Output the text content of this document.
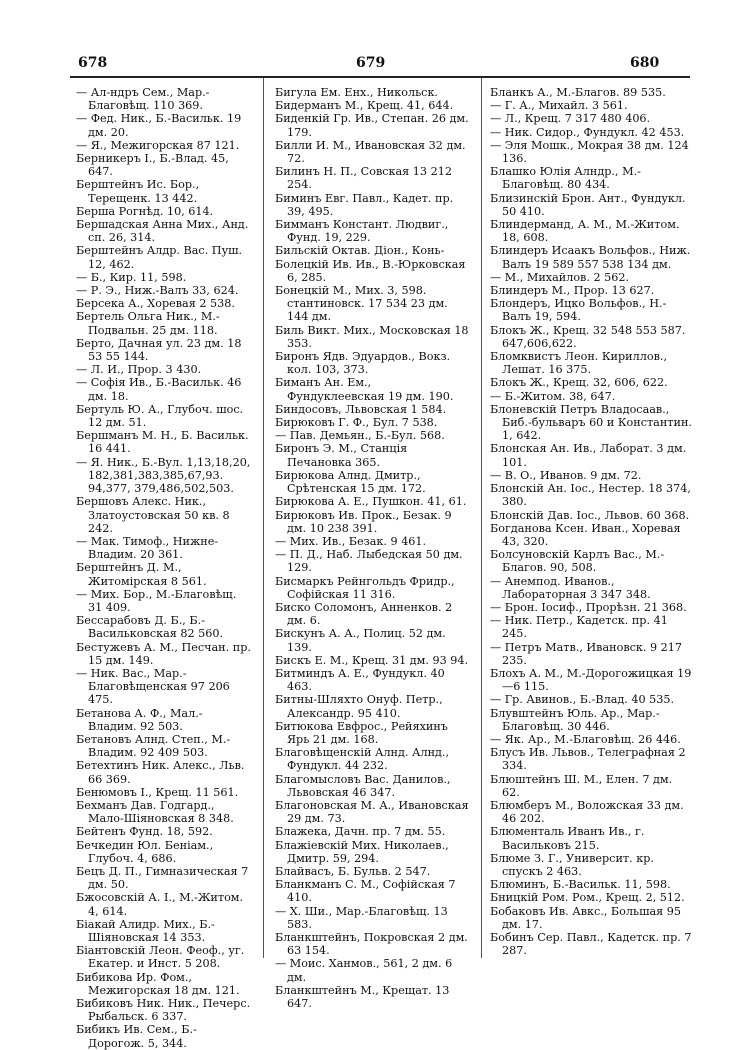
678	679	680

— Ал-ндръ Сем., Мар.-Благовѣщ. 110 369.

— Фед. Ник., Б.-Васильк. 19 дм. 20.

— Я., Межигорская 87 121.

Берникеръ I., Б.-Влад. 45, 647.

Берштейнъ Ис. Бор., Терещенк. 13 442.

Берша Рогнѣд. 10, 614.

Бершадская Анна Мих., Анд. сп. 26, 314.

Берштейнъ Алдр. Вас. Пуш. 12, 462.

— Б., Кир. 11, 598.

— Р. Э., Ниж.-Валъ 33, 624.

Берсека А., Хоревая 2 538.

Бертель Ольга Ник., М.-Подвальн. 25 дм. 118.

Берто, Дачная ул. 23 дм. 18 53 55 144.

— Л. И., Прор. 3 430.

— Софія Ив., Б.-Васильк. 46 дм. 18.

Бертуль Ю. А., Глубоч. шос. 12 дм. 51.

Бершманъ М. Н., Б. Васильк. 16 441.

— Я. Ник., Б.-Вул. 1,13,18,20, 182,381,383,385,67,93. 94,377, 379,486,502,503.

Бершовъ Алекс. Ник., Златоустовская 50 кв. 8 242.

— Мак. Тимоф., Нижне-Владим. 20 361.

Берштейнъ Д. М., Житомірская 8 561.

— Мих. Бор., М.-Благовѣщ. 31 409.

Бессарабовъ Д. Б., Б.-Васильковская 82 560.

Бестужевъ А. М., Песчан. пр. 15 дм. 149.

— Ник. Вас., Мар.-Благовѣщенская 97 206 475.

Бетанова А. Ф., Мал.-Владим. 92 503.

Бетановъ Алнд. Степ., М.-Владим. 92 409 503.

Бетехтинъ Ник. Алекс., Льв. 66 369.

Бенюмовъ I., Крещ. 11 561.

Бехманъ Дав. Годгард., Мало-Шіяновская 8 348.

Бейтенъ Фунд. 18, 592.

Бечкедин Юл. Беніам., Глубоч. 4, 686.

Бецъ Д. П., Гимназическая 7 дм. 50.

Бжосовскій А. I., М.-Житом. 4, 614.

Біакай Алидр. Мих., Б.-Шіяновская 14 353.

Біантовскій Леон. Феоф., уг. Екатер. и Инст. 5 208.

Бибикова Ир. Фом., Межигорская 18 дм. 121.

Бибиковъ Ник. Ник., Печерс. Рыбальск. 6 337.

Бибикъ Ив. Сем., Б.-Дорогож. 5, 344.

Бигула Ем. Енх., Никольск.

Бидерманъ М., Крещ. 41, 644.

Биденкій Гр. Ив., Степан. 26 дм. 179.

Билли И. М., Ивановская 32 дм. 72.

Билинъ Н. П., Совская 13 212 254.

Биминъ Евг. Павл., Кадет. пр. 39, 495.

Бимманъ Констант. Людвиг., Фунд. 19, 229.

Бильскій Октав. Діон., Конь-

Болецкій Ив. Ив., В.-Юрковская 6, 285.

Бонецкій М., Мих. 3, 598. стантиновск. 17 534 23 дм. 144 дм.

Биль Викт. Мих., Московская 18 353.

Биронъ Ядв. Эдуардов., Вокз. кол. 103, 373.

Биманъ Ан. Ем., Фундуклеевская 19 дм. 190.

Биндосовъ, Львовская 1 584.

Бирюковъ Г. Ф., Бул. 7 538.

— Пав. Демьян., Б.-Бул. 568.

Биронъ Э. М., Станція Печановка 365.

Бирюкова Алнд. Дмитр., Срѣтенская 15 дм. 172.

Бирюкова А. Е., Пушкон. 41, 61.

Бирюковъ Ив. Прок., Безак. 9 дм. 10 238 391.

— Мих. Ив., Безак. 9 461.

— П. Д., Наб. Лыбедская 50 дм. 129.

Бисмаркъ Рейнгольдъ Фридр., Софійская 11 316.

Биско Соломонъ, Анненков. 2 дм. 6.

Бискунъ А. А., Полиц. 52 дм. 139.

Бискъ Е. М., Крещ. 31 дм. 93 94.

Битминдъ А. Е., Фундукл. 40 463.

Битны-Шляхто Онуф. Петр., Александр. 95 410.

Битюкова Евфрос., Рейяхинъ Ярь 21 дм. 168.

Благовѣщенскій Алнд. Алнд., Фундукл. 44 232.

Благомысловъ Вас. Данилов., Львовская 46 347.

Благоновская М. А., Ивановская 29 дм. 73.

Блажека, Дачн. пр. 7 дм. 55.

Блажіевскій Мих. Николаев., Дмитр. 59, 294.

Блайвасъ, Б. Бульв. 2 547.

Бланкманъ С. М., Софійская 7 410.

— Х. Ши., Мар.-Благовѣщ. 13 583.

Бланкштейнъ, Покровская 2 дм. 63 154.

— Моис. Ханмов., 561, 2 дм. 6 дм.

Бланкштейнъ М., Крещат. 13 647.

Бланкъ А., М.-Благов. 89 535.

— Г. А., Михайл. 3 561.

— Л., Крещ. 7 317 480 406.

— Ник. Сидор., Фундукл. 42 453.

— Эля Мошк., Мокрая 38 дм. 124 136.

Блашко Юлія Алндр., М.-Благовѣщ. 80 434.

Близинскій Брон. Ант., Фундукл. 50 410.

Блиндерманд, А. М., М.-Житом. 18, 608.

Блиндеръ Исаакъ Вольфов., Ниж. Валъ 19 589 557 538 134 дм.

— М., Михайлов. 2 562.

Блиндеръ М., Прор. 13 627.

Блондеръ, Ицко Вольфов., Н.-Валъ 19, 594.

Блокъ Ж., Крещ. 32 548 553 587. 647,606,622.

Бломквистъ Леон. Кириллов., Лешат. 16 375.

Блокъ Ж., Крещ. 32, 606, 622.

— Б.-Житом. 38, 647.

Блоневскій Петръ Владосаав., Биб.-бульваръ 60 и Константин. 1, 642.

Блонская Ан. Ив., Лаборат. 3 дм. 101.

— В. О., Иванов. 9 дм. 72.

Блонскій Ан. Iос., Нестер. 18 374, 380.

Блонскій Дав. Iос., Львов. 60 368.

Богданова Ксен. Иван., Хоревая 43, 320.

Болсуновскій Карлъ Вас., М.-Благов. 90, 508.

— Анемпод. Иванов., Лабораторная 3 347 348.

— Брон. Iосиф., Прорѣзн. 21 368.

— Ник. Петр., Кадетск. пр. 41 245.

— Петръ Матв., Ивановск. 9 217 235.

Блохъ А. М., М.-Дорогожицкая 19—6 115.

— Гр. Авинов., Б.-Влад. 40 535.

Блувштейнъ Юль. Ар., Мар.-Благовѣщ. 30 446.

— Як. Ар., М.-Благовѣщ. 26 446.

Блусъ Ив. Львов., Телеграфная 2 334.

Блюштейнъ Ш. М., Елен. 7 дм. 62.

Блюмберъ М., Воложская 33 дм. 46 202.

Блюменталь Иванъ Ив., г. Васильковъ 215.

Блюме З. Г., Университ. кр. спускъ 2 463.

Блюминъ, Б.-Васильк. 11, 598.

Бницкій Ром. Ром., Крещ. 2, 512.

Бобаковъ Ив. Авкс., Большая 95 дм. 17.

Бобинъ Сер. Павл., Кадетск. пр. 7 287.
